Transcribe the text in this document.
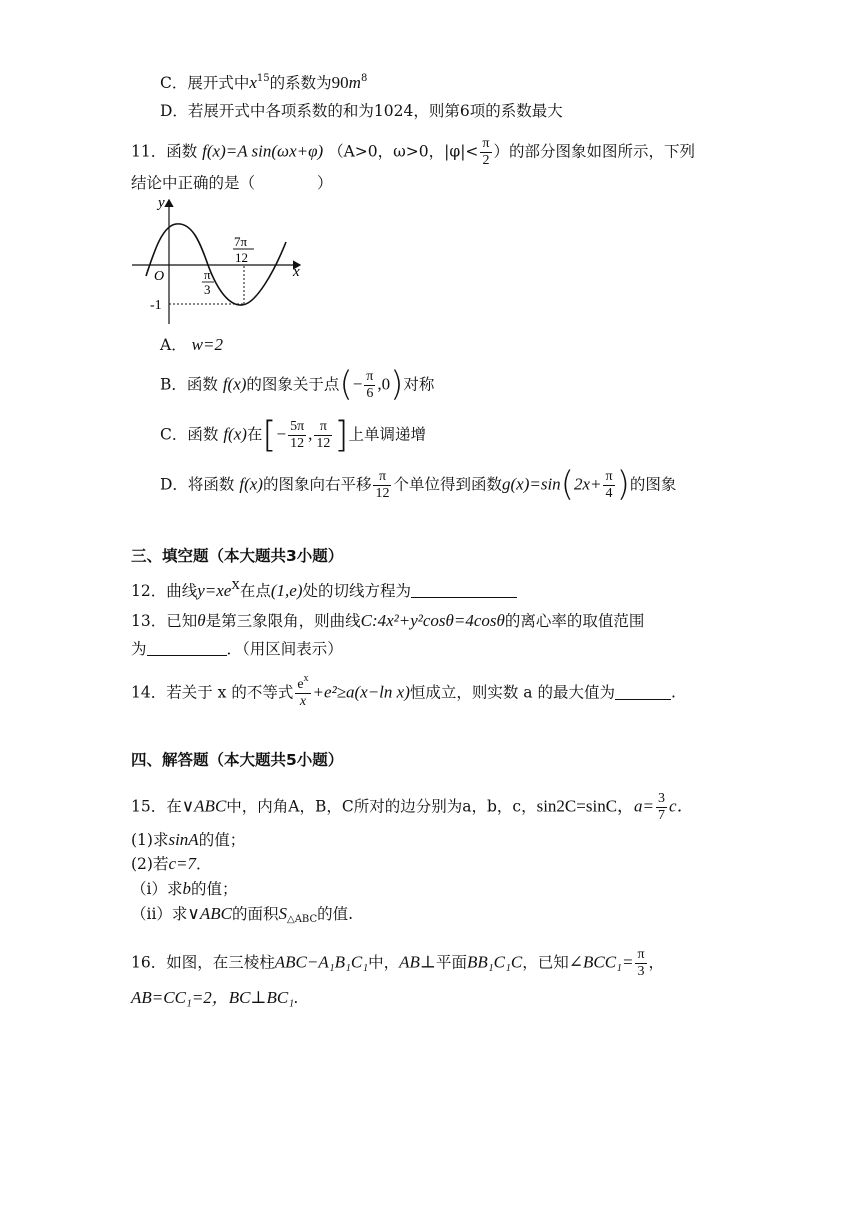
C．展开式中$x^{15}$的系数为$90m^8$
D．若展开式中各项系数的和为1024，则第6项的系数最大
11．函数 f(x)=A sin(ωx+φ) （A>0，ω>0，$|\varphi|< \frac{\pi}{2}$ ）的部分图象如图所示，下列
结论中正确的是（　　　　）
y
x
O
-1
π
3
7π
12
A． w=2
B．函数 f(x)的图象关于点(− $\frac{\pi}{6} ,0$)对称
C．函数 f(x)在[− $\frac{5\pi}{12}$ , $\frac{\pi}{12}$ ]上单调递增
D．将函数 f(x)的图象向右平移 $\frac{\pi}{12}$ 个单位得到函数$g(x)=\sin(2x+ \frac{\pi}{4}$ )的图象
三、填空题（本大题共3小题）
12．曲线$y=xe^x$在点(1,e)处的切线方程为
13．已知θ是第三象限角，则曲线C:4x²+y²cosθ=4cosθ的离心率的取值范围
为	．（用区间表示）
14．若关于 x 的不等式 $\frac{e^x}{x} +e^2\ge a(x-\ln$ x)恒成立，则实数 a 的最大值为	.
四、解答题（本大题共5小题）
15．在∨ABC中，内角A，B，C所对的边分别为a，b，c，sin2C=sinC，$a= \frac{3}{7}$ c．
(1)求sinA的值；
(2)若c=7．
（i）求b的值；
（ii）求∨ABC的面积$S_{\triangle ABC}$的值.
16．如图，在三棱柱ABC−A₁B₁C₁中，AB⊥平面BB₁C₁C，已知∠BCC₁= $\frac{\pi}{3}$ ，
AB=CC₁=2，BC⊥BC₁.
